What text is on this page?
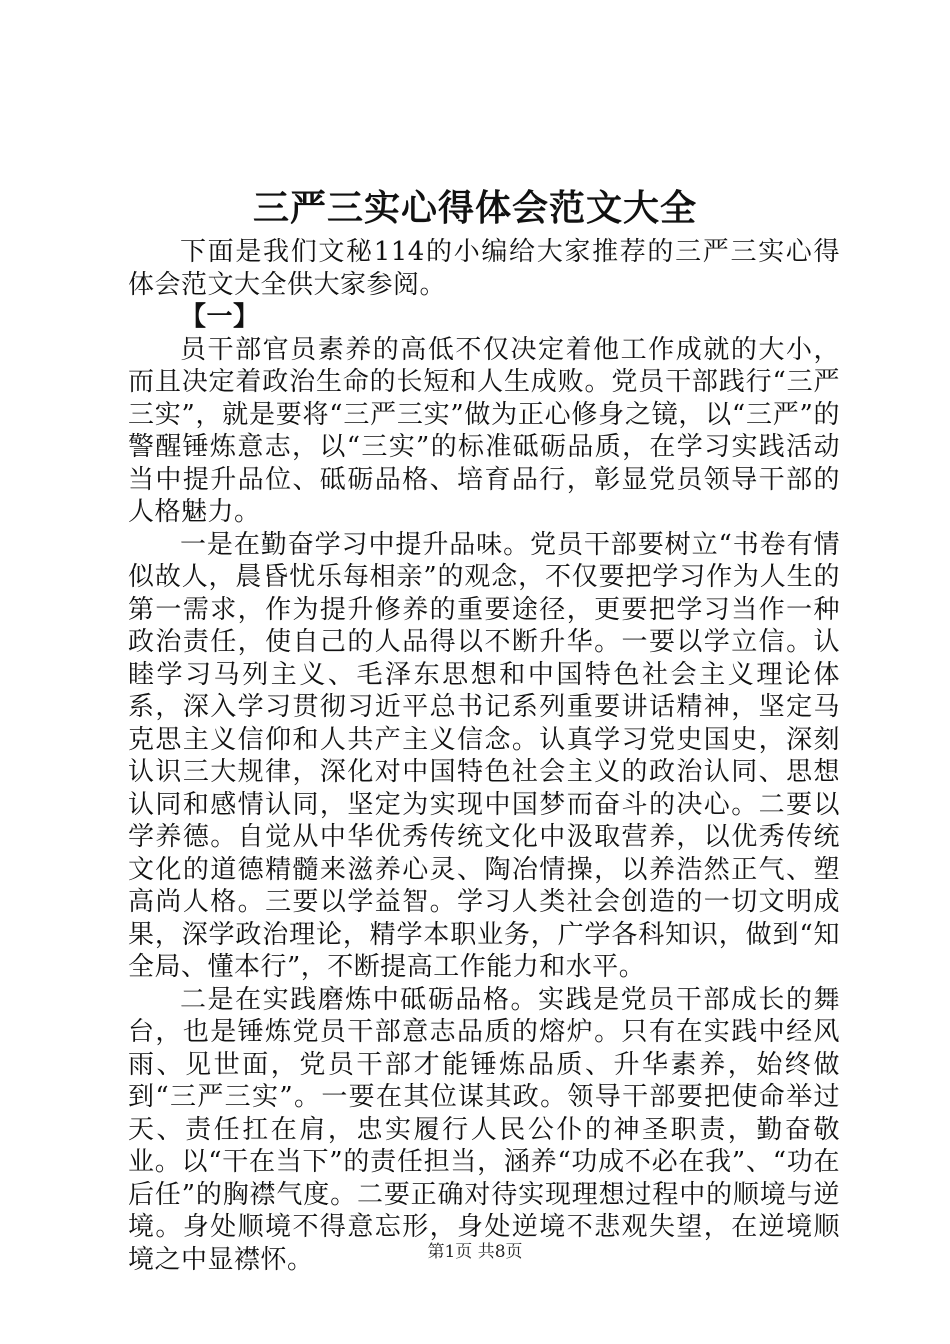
三严三实心得体会范文大全

下面是我们文秘114的小编给大家推荐的三严三实心得体会范文大全供大家参阅。

【一】

员干部官员素养的高低不仅决定着他工作成就的大小，而且决定着政治生命的长短和人生成败。党员干部践行“三严三实”，就是要将“三严三实”做为正心修身之镜，以“三严”的警醒锤炼意志，以“三实”的标准砥砺品质，在学习实践活动当中提升品位、砥砺品格、培育品行，彰显党员领导干部的人格魅力。

一是在勤奋学习中提升品味。党员干部要树立“书卷有情似故人，晨昏忧乐每相亲”的观念，不仅要把学习作为人生的第一需求，作为提升修养的重要途径，更要把学习当作一种政治责任，使自己的人品得以不断升华。一要以学立信。认睦学习马列主义、毛泽东思想和中国特色社会主义理论体系，深入学习贯彻习近平总书记系列重要讲话精神，坚定马克思主义信仰和人共产主义信念。认真学习党史国史，深刻认识三大规律，深化对中国特色社会主义的政治认同、思想认同和感情认同，坚定为实现中国梦而奋斗的决心。二要以学养德。自觉从中华优秀传统文化中汲取营养，以优秀传统文化的道德精髓来滋养心灵、陶冶情操，以养浩然正气、塑高尚人格。三要以学益智。学习人类社会创造的一切文明成果，深学政治理论，精学本职业务，广学各科知识，做到“知全局、懂本行”，不断提高工作能力和水平。

二是在实践磨炼中砥砺品格。实践是党员干部成长的舞台，也是锤炼党员干部意志品质的熔炉。只有在实践中经风雨、见世面，党员干部才能锤炼品质、升华素养，始终做到“三严三实”。一要在其位谋其政。领导干部要把使命举过天、责任扛在肩，忠实履行人民公仆的神圣职责，勤奋敬业。以“干在当下”的责任担当，涵养“功成不必在我”、“功在后任”的胸襟气度。二要正确对待实现理想过程中的顺境与逆境。身处顺境不得意忘形，身处逆境不悲观失望，在逆境顺境之中显襟怀。	第1页 共8页
